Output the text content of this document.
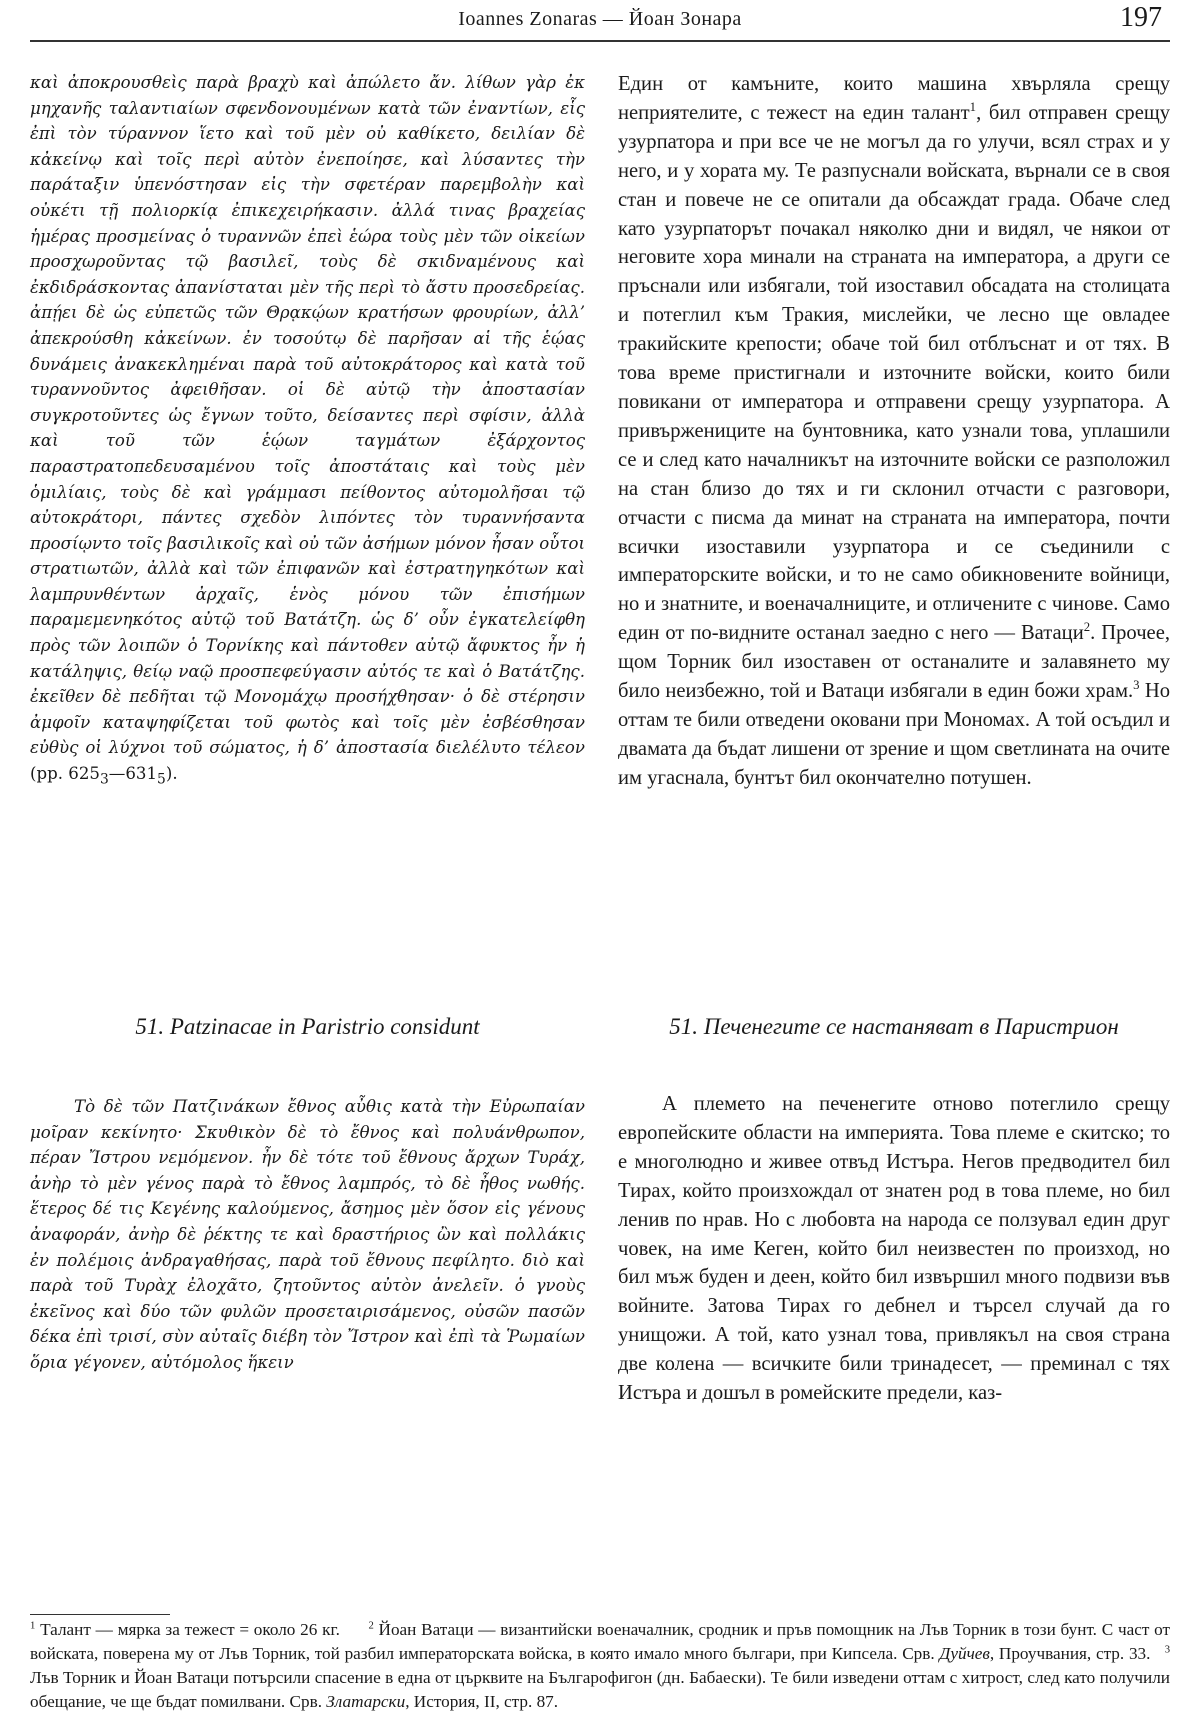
Ioannes Zonaras — Йоан Зонара	197

καὶ ἀποκρουσθεὶς παρὰ βραχὺ καὶ ἀπώλετο ἄν. λίθων γὰρ ἐκ μηχανῆς ταλαντιαίων σφενδονουμένων κατὰ τῶν ἐναντίων, εἷς ἐπὶ τὸν τύραννον ἵετο καὶ τοῦ μὲν οὐ καθίκετο, δειλίαν δὲ κἀκείνῳ καὶ τοῖς περὶ αὐτὸν ἐνεποίησε, καὶ λύσαντες τὴν παράταξιν ὑπενόστησαν εἰς τὴν σφετέραν παρεμβολὴν καὶ οὐκέτι τῇ πολιορκίᾳ ἐπικεχειρήκασιν. ἀλλά τινας βραχείας ἡμέρας προσμείνας ὁ τυραννῶν ἐπεὶ ἑώρα τοὺς μὲν τῶν οἰκείων προσχωροῦντας τῷ βασιλεῖ, τοὺς δὲ σκιδναμένους καὶ ἐκδιδράσκοντας ἀπανίσταται μὲν τῆς περὶ τὸ ἄστυ προσεδρείας. ἀπῄει δὲ ὡς εὐπετῶς τῶν Θρᾳκῴων κρατήσων φρουρίων, ἀλλ’ ἀπεκρούσθη κἀκείνων. ἐν τοσούτῳ δὲ παρῆσαν αἱ τῆς ἑῴας δυνάμεις ἀνακεκλημέναι παρὰ τοῦ αὐτοκράτορος καὶ κατὰ τοῦ τυραννοῦντος ἀφειθῆσαν. οἱ δὲ αὐτῷ τὴν ἀποστασίαν συγκροτοῦντες ὡς ἔγνων τοῦτο, δείσαντες περὶ σφίσιν, ἀλλὰ καὶ τοῦ τῶν ἑῴων ταγμάτων ἐξάρχοντος παραστρατοπεδευσαμένου τοῖς ἀποστάταις καὶ τοὺς μὲν ὁμιλίαις, τοὺς δὲ καὶ γράμμασι πείθοντος αὐτομολῆσαι τῷ αὐτοκράτορι, πάντες σχεδὸν λιπόντες τὸν τυραννήσαντα προσίῳντο τοῖς βασιλικοῖς καὶ οὐ τῶν ἀσήμων μόνον ἦσαν οὗτοι στρατιωτῶν, ἀλλὰ καὶ τῶν ἐπιφανῶν καὶ ἐστρατηγηκότων καὶ λαμπρυνθέντων ἀρχαῖς, ἑνὸς μόνου τῶν ἐπισήμων παραμεμενηκότος αὐτῷ τοῦ Βατάτζη. ὡς δ’ οὖν ἐγκατελείφθη πρὸς τῶν λοιπῶν ὁ Τορνίκης καὶ πάντοθεν αὐτῷ ἄφυκτος ἦν ἡ κατάληψις, θείῳ ναῷ προσπεφεύγασιν αὐτός τε καὶ ὁ Βατάτζης. ἐκεῖθεν δὲ πεδῆται τῷ Μονομάχῳ προσήχθησαν· ὁ δὲ στέρησιν ἀμφοῖν καταψηφίζεται τοῦ φωτὸς καὶ τοῖς μὲν ἐσβέσθησαν εὐθὺς οἱ λύχνοι τοῦ σώματος, ἡ δ’ ἀποστασία διελέλυτο τέλεον (pp. $625_3—631_5$).

Един от камъните, които машина хвърляла срещу неприятелите, с тежест на един талант$^1$, бил отправен срещу узурпатора и при все че не могъл да го улучи, всял страх и у него, и у хората му. Те разпуснали войската, върнали се в своя стан и повече не се опитали да обсаждат града. Обаче след като узурпаторът почакал няколко дни и видял, че някои от неговите хора минали на страната на императора, а други се пръснали или избягали, той изоставил обсадата на столицата и потеглил към Тракия, мислейки, че лесно ще овладее тракийските крепости; обаче той бил отблъснат и от тях. В това време пристигнали и източните войски, които били повикани от императора и отправени срещу узурпатора. А привържениците на бунтовника, като узнали това, уплашили се и след като началникът на източните войски се разположил на стан близо до тях и ги склонил отчасти с разговори, отчасти с писма да минат на страната на императора, почти всички изоставили узурпатора и се съединили с императорските войски, и то не само обикновените войници, но и знатните, и военачалниците, и отличените с чинове. Само един от по-видните останал заедно с него — Ватаци$^2$. Прочее, щом Торник бил изоставен от останалите и залавянето му било неизбежно, той и Ватаци избягали в един божи храм.$^3$ Но оттам те били отведени оковани при Мономах. А той осъдил и двамата да бъдат лишени от зрение и щом светлината на очите им угаснала, бунтът бил окончателно потушен.

51. Patzinacae in Paristrio considunt	51. Печенегите се настаняват в Паристрион

Τὸ δὲ τῶν Πατζινάκων ἔθνος αὖθις κατὰ τὴν Εὐρωπαίαν μοῖραν κεκίνητο· Σκυθικὸν δὲ τὸ ἔθνος καὶ πολυάνθρωπον, πέραν Ἴστρου νεμόμενον. ἦν δὲ τότε τοῦ ἔθνους ἄρχων Τυράχ, ἀνὴρ τὸ μὲν γένος παρὰ τὸ ἔθνος λαμπρός, τὸ δὲ ἦθος νωθής. ἕτερος δέ τις Κεγένης καλούμενος, ἄσημος μὲν ὅσον εἰς γένους ἀναφοράν, ἀνὴρ δὲ ῥέκτης τε καὶ δραστήριος ὢν καὶ πολλάκις ἐν πολέμοις ἀνδραγαθήσας, παρὰ τοῦ ἔθνους πεφίλητο. διὸ καὶ παρὰ τοῦ Τυρὰχ ἐλοχᾶτο, ζητοῦντος αὐτὸν ἀνελεῖν. ὁ γνοὺς ἐκεῖνος καὶ δύο τῶν φυλῶν προσεταιρισάμενος, οὐσῶν πασῶν δέκα ἐπὶ τρισί, σὺν αὐταῖς διέβη τὸν Ἴστρον καὶ ἐπὶ τὰ Ῥωμαίων ὅρια γέγονεν, αὐτόμολος ἥκειν

А племето на печенегите отново потеглило срещу европейските области на империята. Това племе е скитско; то е многолюдно и живее отвъд Истъра. Негов предводител бил Тирах, който произхождал от знатен род в това племе, но бил ленив по нрав. Но с любовта на народа се ползувал един друг човек, на име Кеген, който бил неизвестен по произход, но бил мъж буден и деен, който бил извършил много подвизи във войните. Затова Тирах го дебнел и търсел случай да го унищожи. А той, като узнал това, привлякъл на своя страна две колена — всичките били тринадесет, — преминал с тях Истъра и дошъл в ромейските предели, каз-

$^1$ Талант — мярка за тежест = около 26 кг.	$^2$ Йоан Ватаци — византийски военачалник, сродник и пръв помощник на Лъв Торник в този бунт. С част от войската, поверена му от Лъв Торник, той разбил императорската войска, в която имало много българи, при Кипсела. Срв. Дуйчев, Проучвания, стр. 33. $^3$ Лъв Торник и Йоан Ватаци потърсили спасение в една от църквите на Българофигон (дн. Бабаески). Те били изведени оттам с хитрост, след като получили обещание, че ще бъдат помилвани. Срв. Златарски, История, II, стр. 87.
